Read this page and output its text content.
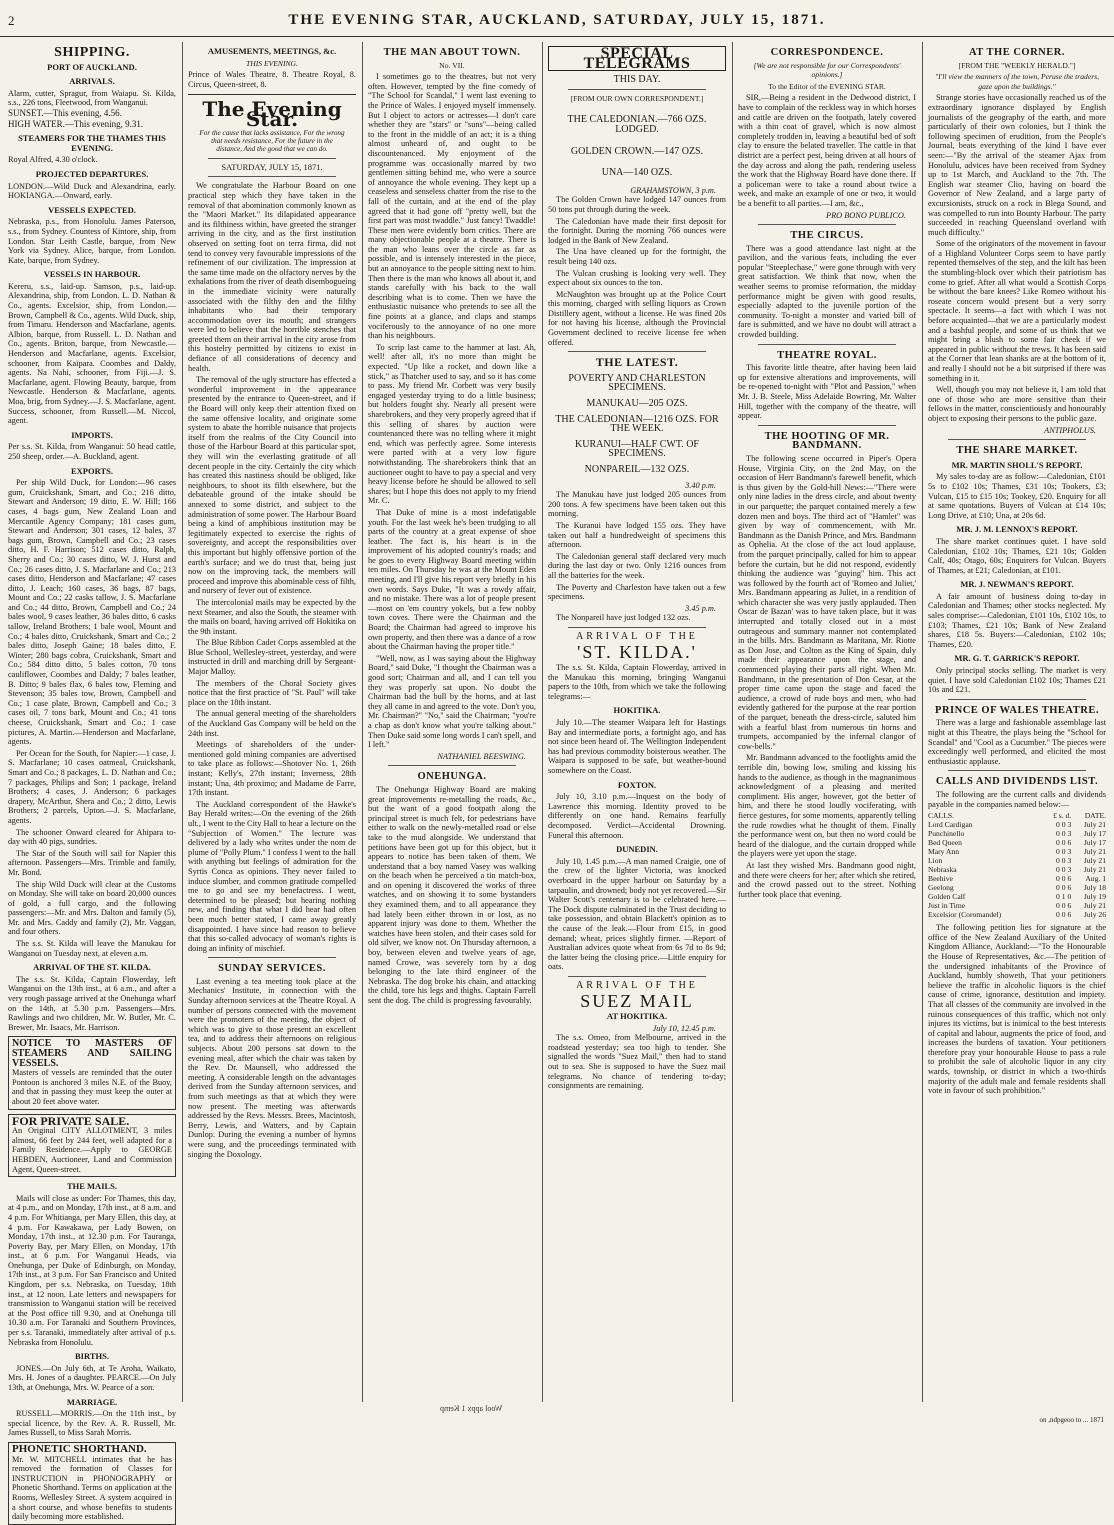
2	THE EVENING STAR, AUCKLAND, SATURDAY, JULY 15, 1871.
SHIPPING.
PORT OF AUCKLAND.
ARRIVALS.
Alarm, cutter, Spragur, from Waiapu. St. Kilda, s.s., 226 tons, Fleetwood, from Wanganui.
SUNSET.—This evening, 4.56.
HIGH WATER.—This evening, 9.31.
STEAMERS FOR THE THAMES THIS EVENING.
Royal Alfred, 4.30 o'clock.
PROJECTED DEPARTURES.
LONDON.—Wild Duck and Alexandrina, early. HOKIANGA.—Onward, early.
VESSELS EXPECTED.
Nebraska, p.s., from Honolulu. James Paterson, s.s., from Sydney. Countess of Kintore, ship, from London. Star Leith Castle, barque, from New York via Sydney. Alice, barque, from London. Kate, barque, from Sydney.
VESSELS IN HARBOUR.
Kereru, s.s., laid-up. Samson, p.s., laid-up. Alexandrina, ship, from London. L. D. Nathan & Co., agents. Excelsior, ship, from London.—Brown, Campbell & Co., agents. Wild Duck, ship, from Timaru. Henderson and Macfarlane, agents. Albion, barque, from Russell. L. D. Nathan and Co., agents. Briton, barque, from Newcastle.—Henderson and Macfarlane, agents. Excelsior, schooner, from Kaipara. Coombes and Daldy, agents. Na Nahi, schooner, from Fiji.—J. S. Macfarlane, agent. Flowing Beauty, barque, from Newcastle. Henderson & Macfarlane, agents. Moa, brig, from Sydney.—J. S. Macfarlane, agent. Success, schooner, from Russell.—M. Niccol, agent.
IMPORTS.
Per s.s. St. Kilda, from Wanganui: 50 head cattle, 250 sheep, order.—A. Buckland, agent.
EXPORTS.

Per ship Wild Duck, for London:—96 cases gum, Cruickshank, Smart, and Co.; 216 ditto, Stewart and Anderson; 19 ditto, E. W. Hill; 166 cases, 4 bags gum, New Zealand Loan and Mercantile Agency Company; 181 cases gum, Stewart and Anderson; 301 cases, 12 bales, 37 bags gum, Brown, Campbell and Co.; 23 cases ditto, H. F. Harrison; 512 cases ditto, Ralph, Sherry and Co.; 30 cases ditto, W. J. Hurst and Co.; 26 cases ditto, J. S. Macfarlane and Co.; 213 cases ditto, Henderson and Macfarlane; 47 cases ditto, J. Leach; 160 cases, 36 bags, 87 bags, Mount and Co.; 22 casks tallow, J. S. Macfarlane and Co.; 44 ditto, Brown, Campbell and Co.; 24 bales wool, 9 cases leather, 36 bales ditto, 6 casks tallow, Ireland Brothers; 1 bale wool, Mount and Co.; 4 bales ditto, Cruickshank, Smart and Co.; 2 bales ditto, Joseph Gaine; 18 bales ditto, F. Winter; 280 bags cobra, Cruickshank, Smart and Co.; 584 ditto ditto, 5 bales cotton, 70 tons cauliflower, Coombes and Daldy; 7 bales leather, B. Ditto; 9 bales flax, 6 bales tow, Fleming and Stevenson; 35 bales tow, Brown, Campbell and Co.; 1 case plate, Brown, Campbell and Co.; 3 cases oil, 7 tons bark, Mount and Co.; 41 tons cheese, Cruickshank, Smart and Co.; 1 case pictures, A. Martin.—Henderson and Macfarlane, agents.

Per Ocean for the South, for Napier:—1 case, J. S. Macfarlane; 10 cases oatmeal, Cruickshank, Smart and Co.; 8 packages, L. D. Nathan and Co.; 7 packages, Philips and Son; 1 package, Ireland Brothers; 4 cases, J. Anderson; 6 packages drapery, McArthur, Shera and Co.; 2 ditto, Lewis Brothers; 2 parcels, Upton.—J. S. Macfarlane, agents.

The schooner Onward cleared for Ahipara to-day with 40 pigs, sundries.

The Star of the South will sail for Napier this afternoon. Passengers—Mrs. Trimble and family, Mr. Bond.

The ship Wild Duck will clear at the Customs on Monday. She will take on board 20,000 ounces of gold, a full cargo, and the following passengers:—Mr. and Mrs. Dalton and family (5), Mr. and Mrs. Caddy and family (2), Mr. Vaggan, and four others.

The s.s. St. Kilda will leave the Manukau for Wanganui on Tuesday next, at eleven a.m.

ARRIVAL OF THE ST. KILDA.

The s.s. St. Kilda, Captain Flowerday, left Wanganui on the 13th inst., at 6 a.m., and after a very rough passage arrived at the Onehunga wharf on the 14th, at 5.30 p.m. Passengers—Mrs. Rawlings and two children, Mr. W. Butler, Mr. C. Brewer, Mr. Isaacs, Mr. Harrison.

NOTICE TO MASTERS OF STEAMERS AND SAILING VESSELS.
Masters of vessels are reminded that the outer Pontoon is anchored 3 miles N.E. of the Buoy, and that in passing they must keep the outer at about 20 feet above water.
FOR PRIVATE SALE.
An Original CITY ALLOTMENT, 3 miles almost, 66 feet by 244 feet, well adapted for a Family Residence.—Apply to GEORGE HEBDEN, Auctioneer, Land and Commission Agent, Queen-street.
THE MAILS.

Mails will close as under: For Thames, this day, at 4 p.m., and on Monday, 17th inst., at 8 a.m. and 4 p.m. For Whitianga, per Mary Ellen, this day, at 4 p.m. For Kawakawa, per Lady Bowen, on Monday, 17th inst., at 12.30 p.m. For Tauranga, Poverty Bay, per Mary Ellen, on Monday, 17th inst., at 6 p.m. For Wanganui Heads, via Onehunga, per Duke of Edinburgh, on Monday, 17th inst., at 3 p.m. For San Francisco and United Kingdom, per s.s. Nebraska, on Tuesday, 18th inst., at 12 noon. Late letters and newspapers for transmission to Wanganui station will be received at the Post office till 9.30, and at Onehunga till 10.30 a.m. For Taranaki and Southern Provinces, per s.s. Taranaki, immediately after arrival of p.s. Nebraska from Honolulu.

BIRTHS.

JONES.—On July 6th, at Te Aroha, Waikato, Mrs. H. Jones of a daughter. PEARCE.—On July 13th, at Onehunga, Mrs. W. Pearce of a son.

MARRIAGE.

RUSSELL—MORRIS.—On the 11th inst., by special licence, by the Rev. A. R. Russell, Mr. James Russell, to Miss Sarah Morris.

PHONETIC SHORTHAND.
Mr. W. MITCHELL intimates that he has removed the formation of Classes for INSTRUCTION in PHONOGRAPHY or Phonetic Shorthand. Terms on application at the Rooms, Wellesley Street. A system acquired in a short course, and whose benefits to students daily becoming more established.
AMUSEMENTS, MEETINGS, &c.
THIS EVENING.
Prince of Wales Theatre, 8. Theatre Royal, 8. Circus, Queen-street, 8.
The Evening Star.
For the cause that lacks assistance, For the wrong that needs resistance, For the future in the distance, And the good that we can do.
SATURDAY, JULY 15, 1871.

We congratulate the Harbour Board on one practical step which they have taken in the removal of that abomination commonly known as the "Maori Market." Its dilapidated appearance and its filthiness within, have greeted the stranger arriving in the city, and as the first institution observed on setting foot on terra firma, did not tend to convey very favourable impressions of the refinement of our civilization. The impression at the same time made on the olfactory nerves by the exhalations from the river of death disembogueing in the immediate vicinity were naturally associated with the filthy den and the filthy inhabitants who had their temporary accommodation over its mouth; and strangers were led to believe that the horrible stenches that greeted them on their arrival in the city arose from this hostelry permitted by citizens to exist in defiance of all considerations of decency and health.

The removal of the ugly structure has effected a wonderful improvement in the appearance presented by the entrance to Queen-street, and if the Board will only keep their attention fixed on the same offensive locality, and originate some system to abate the horrible nuisance that projects itself from the realms of the City Council into those of the Harbour Board at this particular spot, they will win the everlasting gratitude of all decent people in the city. Certainly the city which has created this nastiness should be obliged, like neighbours, to shoot its filth elsewhere, but the debateable ground of the intake should be annexed to some district, and subject to the administration of some power. The Harbour Board being a kind of amphibious institution may be legitimately expected to exercise the rights of sovereignty, and accept the responsibilities over this important but highly offensive portion of the earth's surface; and we do trust that, being just now on the improving tack, the members will proceed and improve this abominable cess of filth, and nursery of fever out of existence.

The intercolonial mails may be expected by the next Steamer, and also the South, the steamer with the mails on board, having arrived off Hokitika on the 9th instant.

The Blue Ribbon Cadet Corps assembled at the Blue School, Wellesley-street, yesterday, and were instructed in drill and marching drill by Sergeant-Major Malloy.

The members of the Choral Society gives notice that the first practice of "St. Paul" will take place on the 18th instant.

The annual general meeting of the shareholders of the Auckland Gas Company will be held on the 24th inst.

Meetings of shareholders of the under-mentioned gold mining companies are advertised to take place as follows:—Shotover No. 1, 26th instant; Kelly's, 27th instant; Inverness, 28th instant; Una, 4th proximo; and Madame de Farre, 17th instant.

The Auckland correspondent of the Hawke's Bay Herald writes:—On the evening of the 26th ult., I went to the City Hall to hear a lecture on the "Subjection of Women." The lecture was delivered by a lady who writes under the nom de plume of "Polly Plum." I confess I went to the hall with anything but feelings of admiration for the Syrtis Conca as opinions. They never failed to induce slumber, and common gratitude compelled me to go and see my benefactress. I went, determined to be pleased; but hearing nothing new, and finding that what I did hear had often been much better stated, I came away greatly disappointed. I have since had reason to believe that this so-called advocacy of woman's rights is doing an infinity of mischief.

SUNDAY SERVICES.

Last evening a tea meeting took place at the Mechanics' Institute, in connection with the Sunday afternoon services at the Theatre Royal. A number of persons connected with the movement were the promoters of the meeting, the object of which was to give to those present an excellent tea, and to address their afternoons on religious subjects. About 200 persons sat down to the evening meal, after which the chair was taken by the Rev. Dr. Maunsell, who addressed the meeting. A considerable length on the advantages derived from the Sunday afternoon services, and from such meetings as that at which they were now present. The meeting was afterwards addressed by the Revs. Messrs. Brees, Macintosh, Berry, Lewis, and Watters, and by Captain Dunlop. During the evening a number of hymns were sung, and the proceedings terminated with singing the Doxology.

THE MAN ABOUT TOWN.
No. VII.

I sometimes go to the theatres, but not very often. However, tempted by the fine comedy of "The School for Scandal," I went last evening to the Prince of Wales. I enjoyed myself immensely. But I object to actors or actresses—I don't care whether they are "stars" or "suns"—being called to the front in the middle of an act; it is a thing almost unheard of, and ought to be discountenanced. My enjoyment of the programme was occasionally marred by two gentlemen sitting behind me, who were a source of annoyance the whole evening. They kept up a ceaseless and senseless chatter from the rise to the fall of the curtain, and at the end of the play agreed that it had gone off "pretty well, but the first part was most twaddle." Just fancy! Twaddle! These men were evidently born critics. There are many objectionable people at a theatre. There is the man who leans over the circle as far as possible, and is intensely interested in the piece, but an annoyance to the people sitting next to him. Then there is the man who knows all about it, and stands carefully with his back to the wall describing what is to come. Then we have the enthusiastic nuisance who pretends to see all the fine points at a glance, and claps and stamps vociferously to the annoyance of no one more than his neighbours.

To scrip last came to the hammer at last. Ah, well! after all, it's no more than might be expected. "Up like a rocket, and down like a stick," as Thatcher used to say, and so it has come to pass. My friend Mr. Corbett was very busily engaged yesterday trying to do a little business; but holders fought shy. Nearly all present were sharebrokers, and they very properly agreed that if this selling of shares by auction were countenanced there was no telling where it might end, which was perfectly agree. Some interests were parted with at a very low figure notwithstanding. The sharebrokers think that an auctioneer ought to have to pay a special and very heavy license before he should be allowed to sell shares; but I hope this does not apply to my friend Mr. C.

That Duke of mine is a most indefatigable youth. For the last week he's been trudging to all parts of the country at a great expense of shoe leather. The fact is, his heart is in the improvement of his adopted country's roads; and he goes to every Highway Board meeting within ten miles. On Thursday he was at the Mount Eden meeting, and I'll give his report very briefly in his own words. Says Duke, "It was a rowdy affair, and no mistake. There was a lot of people present—most on 'em country yokels, but a few nobby town coves. There were the Chairman and the Board; the Chairman had agreed to improve his own property, and then there was a dance of a row about the Chairman having the proper title."

"Well, now, as I was saying about the Highway Board," said Duke, "I thought the Chairman was a good sort; Chairman and all, and I can tell you they was properly sat upon. No doubt the Chairman had the bull by the horns, and at last they all came in and agreed to the vote. Don't you, Mr. Chairman?" "No," said the Chairman; "you're a chap as don't know what you're talking about." Then Duke said some long words I can't spell, and I left."

NATHANIEL BEESWING.
ONEHUNGA.

The Onehunga Highway Board are making great improvements re-metalling the roads, &c., but the want of a good footpath along the principal street is much felt, for pedestrians have either to walk on the newly-metalled road or else take to the mud alongside. We understand that petitions have been got up for this object, but it appears to notice has been taken of them. We understand that a boy named Vasey was walking on the beach when he perceived a tin match-box, and on opening it discovered the works of three watches, and on showing it to some bystanders they examined them, and to all appearance they had lately been either thrown in or lost, as no apparent injury was done to them. Whether the watches have been stolen, and their cases sold for old silver, we know not. On Thursday afternoon, a boy, between eleven and twelve years of age, named Crowe, was severely torn by a dog belonging to the late third engineer of the Nebraska. The dog broke his chain, and attacking the child, tore his legs and thighs. Captain Farrell sent the dog. The child is progressing favourably.

SPECIAL TELEGRAMS
THIS DAY.
[FROM OUR OWN CORRESPONDENT.]
THE CALEDONIAN.—766 OZS. LODGED.
GOLDEN CROWN.—147 OZS.
UNA—140 OZS.
GRAHAMSTOWN, 3 p.m.

The Golden Crown have lodged 147 ounces from 50 tons put through during the week.

The Caledonian have made their first deposit for the fortnight. During the morning 766 ounces were lodged in the Bank of New Zealand.

The Una have cleaned up for the fortnight, the result being 140 ozs.

The Vulcan crushing is looking very well. They expect about six ounces to the ton.

McNaughton was brought up at the Police Court this morning, charged with selling liquors as Crown Distillery agent, without a license. He was fined 20s for not having his license, although the Provincial Government declined to receive license fee when offered.

THE LATEST.
POVERTY AND CHARLESTON SPECIMENS.
MANUKAU—205 OZS.
THE CALEDONIAN—1216 OZS. FOR THE WEEK.
KURANUI—HALF CWT. OF SPECIMENS.
NONPAREIL—132 OZS.
3.40 p.m.

The Manukau have just lodged 205 ounces from 200 tons. A few specimens have been taken out this morning.

The Kuranui have lodged 155 ozs. They have taken out half a hundredweight of specimens this afternoon.

The Caledonian general staff declared very much during the last day or two. Only 1216 ounces from all the batteries for the week.

The Poverty and Charleston have taken out a few specimens.

3.45 p.m.

The Nonpareil have just lodged 132 ozs.

ARRIVAL OF THE
'ST. KILDA.'

The s.s. St. Kilda, Captain Flowerday, arrived in the Manukau this morning, bringing Wanganui papers to the 10th, from which we take the following telegrams:—

HOKITIKA.

July 10.—The steamer Waipara left for Hastings Bay and intermediate ports, a fortnight ago, and has not since been heard of. The Wellington Independent has had previous commodity boisterous weather. The Waipara is supposed to be safe, but weather-bound somewhere on the Coast.

FOXTON.

July 10, 3.10 p.m.—Inquest on the body of Lawrence this morning. Identity proved to be differently on one hand. Remains fearfully decomposed. Verdict—Accidental Drowning. Funeral this afternoon.

DUNEDIN.

July 10, 1.45 p.m.—A man named Craigie, one of the crew of the lighter Victoria, was knocked overboard in the upper harbour on Saturday by a tarpaulin, and drowned; body not yet recovered.—Sir Walter Scott's centenary is to be celebrated here.—The Dock dispute culminated in the Trust deciding to take possession, and obtain Blackett's opinion as to the cause of the leak.—Flour from £15, in good demand; wheat, prices slightly firmer. —Report of Australian advices quote wheat from 6s 7d to 8s 9d; the latter being the closing price.—Little enquiry for oats.

ARRIVAL OF THE
SUEZ MAIL
AT HOKITIKA.
July 10, 12.45 p.m.

The s.s. Omeo, from Melbourne, arrived in the roadstead yesterday; sea too high to tender. She signalled the words "Suez Mail," then had to stand out to sea. She is supposed to have the Suez mail telegrams. No chance of tendering to-day; consignments are remaining.

CORRESPONDENCE.
[We are not responsible for our Correspondents' opinions.]
To the Editor of the EVENING STAR.

SIR,—Being a resident in the Dedwood district, I have to complain of the reckless way in which horses and cattle are driven on the footpath, lately covered with a thin coat of gravel, which is now almost completely trodden in, leaving a beautiful bed of soft clay to ensure the belated traveller. The cattle in that district are a perfect pest, being driven at all hours of the day across and along the path, rendering useless the work that the Highway Board have done there. If a policeman were to take a round about twice a week, and make an example of one or two, it would be a benefit to all parties.—I am, &c.,

PRO BONO PUBLICO.
THE CIRCUS.

There was a good attendance last night at the pavilion, and the various feats, including the ever popular "Steeplechase," were gone through with very great satisfaction. We think that now, when the weather seems to promise reformation, the midday performance might be given with good results, especially adapted to the juvenile portion of the community. To-night a monster and varied bill of fare is submitted, and we have no doubt will attract a crowded building.

THEATRE ROYAL.

This favorite little theatre, after having been laid up for extensive alterations and improvements, will be re-opened to-night with "Plot and Passion," when Mr. J. B. Steele, Miss Adelaide Bowring, Mr. Walter Hill, together with the company of the theatre, will appear.

THE HOOTING OF MR. BANDMANN.

The following scene occurred in Piper's Opera House, Virginia City, on the 2nd May, on the occasion of Herr Bandmann's farewell benefit, which is thus given by the Gold-hill News:—"There were only nine ladies in the dress circle, and about twenty in our parquette; the parquet contained merely a few dozen men and boys. The third act of "Hamlet" was given by way of commencement, with Mr. Bandmann as the Danish Prince, and Mrs. Bandmann as Ophelia. At the close of the act loud applause, from the parquet principally, called for him to appear before the curtain, but he did not respond, evidently thinking the audience was "guying" him. This act was followed by the fourth act of 'Romeo and Juliet,' Mrs. Bandmann appearing as Juliet, in a rendition of which character she was very justly applauded. Then Oscar de Bazan' was to have taken place, but it was interrupted and totally closed out in a most outrageous and summary manner not contemplated in the bills. Mrs. Bandmann as Maritana, Mr. Riotte as Don Jose, and Colton as the King of Spain, duly made their appearance upon the stage, and commenced playing their parts all right. When Mr. Bandmann, in the presentation of Don Cesar, at the proper time came upon the stage and faced the audience, a crowd of rude boys and men, who had evidently gathered for the purpose at the rear portion of the parquet, beneath the dress-circle, saluted him with a fearful blast from numerous tin horns and trumpets, accompanied by the infernal clangor of cow-bells."

Mr. Bandmann advanced to the footlights amid the terrible din, bowing low, smiling and kissing his hands to the audience, as though in the magnanimous acknowledgment of a pleasing and merited compliment. His anger, however, got the better of him, and there he stood loudly vociferating, with fierce gestures, for some moments, apparently telling the rude rowdies what he thought of them. Finally the performance went on, but then no word could be heard of the dialogue, and the curtain dropped while the players were yet upon the stage.

At last they wished Mrs. Bandmann good night, and there were cheers for her; after which she retired, and the crowd passed out to the street. Nothing further took place that evening.

AT THE CORNER.
[FROM THE "WEEKLY HERALD."]
"I'll view the manners of the town, Peruse the traders, gaze upon the buildings."

Strange stories have occasionally reached us of the extraordinary ignorance displayed by English journalists of the geography of the earth, and more particularly of their own colonies, but I think the following specimen of erudition, from the People's Journal, beats everything of the kind I have ever seen:—"By the arrival of the steamer Ajax from Honolulu, advices have been received from Sydney up to 1st March, and Auckland to the 7th. The English war steamer Clio, having on board the Governor of New Zealand, and a large party of excursionists, struck on a rock in Blega Sound, and was compelled to run into Bounty Harbour. The party succeeded in reaching Queensland overland with much difficulty."

Some of the originators of the movement in favour of a Highland Volunteer Corps seem to have partly repented themselves of the step, and the kilt has been the stumbling-block over which their patriotism has come to grief. After all what would a Scottish Corps be without the bare knees? Like Romeo without his roseate concern would present but a very sorry spectacle. It seems—a fact with which I was not before acquainted—that we are a particularly modest and a bashful people, and some of us think that we might bring a blush to some fair cheek if we appeared in public without the trews. It has been said at the Corner that lean shanks are at the bottom of it, and really I should not be a bit surprised if there was something in it.

Well, though you may not believe it, I am told that one of those who are more sensitive than their fellows in the matter, conscientiously and honourably object to exposing their persons to the public gaze.

ANTIPHOLUS.
THE SHARE MARKET.
MR. MARTIN SHOLL'S REPORT.

My sales to-day are as follow:—Caledonian, £101 5s to £102 10s; Thames, £31 10s; Tookers, £3; Vulcan, £15 to £15 10s; Tookey, £20. Enquiry for all at same quotations. Buyers of Vulcan at £14 10s; Long Drive, at £10; Una, at 20s 6d.

MR. J. M. LENNOX'S REPORT.

The share market continues quiet. I have sold Caledonian, £102 10s; Thames, £21 10s; Golden Calf, 40s; Otago, 60s; Enquirers for Vulcan. Buyers of Thames, at £21; Caledonian, at £101.

MR. J. NEWMAN'S REPORT.

A fair amount of business doing to-day in Caledonian and Thames; other stocks neglected. My sales comprise:—Caledonian, £101 10s, £102 10s, to £103; Thames, £21 10s; Bank of New Zealand shares, £18 5s. Buyers:—Caledonian, £102 10s; Thames, £20.

MR. G. T. GARRICK'S REPORT.

Only principal stocks selling. The market is very quiet. I have sold Caledonian £102 10s; Thames £21 10s and £21.

PRINCE OF WALES THEATRE.

There was a large and fashionable assemblage last night at this Theatre, the plays being the "School for Scandal" and "Cool as a Cucumber." The pieces were exceedingly well performed, and elicited the most enthusiastic applause.

CALLS AND DIVIDENDS LIST.

The following are the current calls and dividends payable in the companies named below:—

CALLS.	£ s. d.	DATE.
Lord Cardigan	0 0 3	July 21
Punchinello	0 0 3	July 17
Bed Queen	0 0 6	July 17
Mary Ann	0 0 3	July 21
Lion	0 0 3	July 21
Nebraska	0 0 3	July 21
Beehive	0 0 6	Aug. 1
Geelong	0 0 6	July 18
Golden Calf	0 1 0	July 19
Just in Time	0 0 6	July 21
Excelsior (Coromandel)	0 0 6	July 26

The following petition lies for signature at the office of the New Zealand Auxiliary of the United Kingdom Alliance, Auckland:—"To the Honourable the House of Representatives, &c.—The petition of the undersigned inhabitants of the Province of Auckland, humbly showeth, That your petitioners believe the traffic in alcoholic liquors is the chief cause of crime, ignorance, destitution and impiety. That all classes of the community are involved in the ruinous consequences of this traffic, which not only injures its victims, but is inimical to the best interests of capital and labour, augments the price of food, and increases the burdens of taxation. Your petitioners therefore pray your honourable House to pass a rule to prohibit the sale of alcoholic liquor in any city wards, township, or district in which a two-thirds majority of the adult male and female residents shall vote in favour of such prohibition."

Wool appx 1 Kemp
on ,ndpgeoo to ... 1871
